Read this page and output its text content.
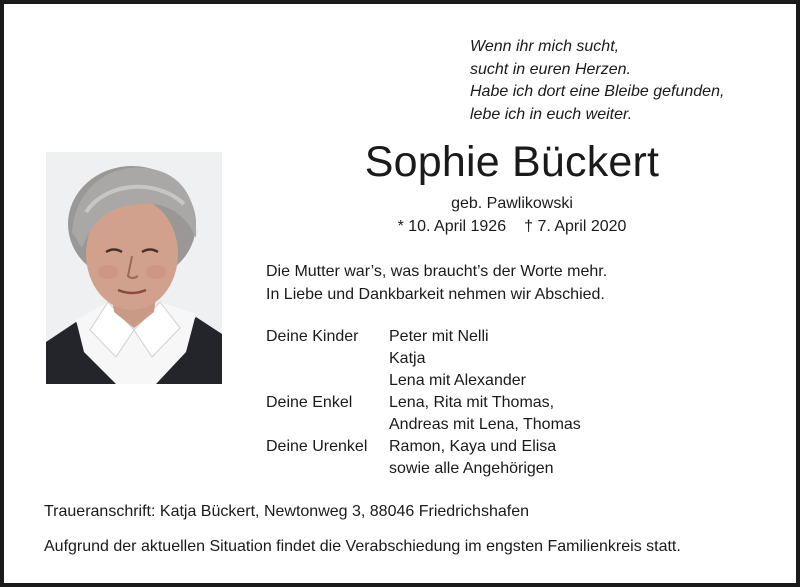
Wenn ihr mich sucht,
sucht in euren Herzen.
Habe ich dort eine Bleibe gefunden,
lebe ich in euch weiter.
Sophie Bückert
geb. Pawlikowski
* 10. April 1926 † 7. April 2020
Die Mutter war’s, was braucht’s der Worte mehr.
In Liebe und Dankbarkeit nehmen wir Abschied.
Deine Kinder	Peter mit Nelli
Katja
Lena mit Alexander
Deine Enkel	Lena, Rita mit Thomas,
Andreas mit Lena, Thomas
Deine Urenkel	Ramon, Kaya und Elisa
sowie alle Angehörigen
Traueranschrift: Katja Bückert, Newtonweg 3, 88046 Friedrichshafen
Aufgrund der aktuellen Situation findet die Verabschiedung im engsten Familienkreis statt.
